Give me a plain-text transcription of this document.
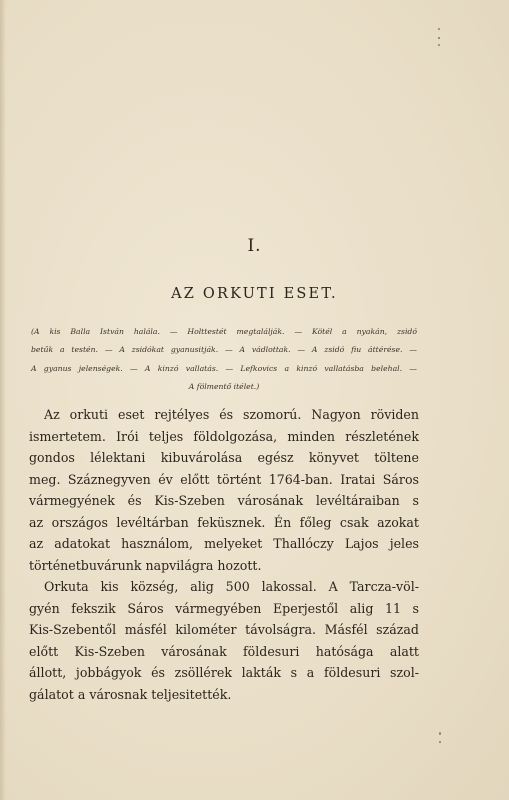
I.
AZ ORKUTI ESET.
(A kis Balla István halála. — Holttestét megtalálják. — Kötél a nyakán, zsidó
betűk a testén. — A zsidókat gyanusitják. — A vádlottak. — A zsidó fiu áttérése. —
A gyanus jelenségek. — A kinzó vallatás. — Lefkovics a kinzó vallatásba belehal. —
A fölmentő itélet.)
Az orkuti eset rejtélyes és szomorú. Nagyon röviden
ismertetem. Irói teljes földolgozása, minden részletének
gondos lélektani kibuvárolása egész könyvet töltene
meg. Száznegyven év előtt történt 1764-ban. Iratai Sáros
vármegyének és Kis-Szeben városának levéltáraiban s
az országos levéltárban feküsznek. Én főleg csak azokat
az adatokat használom, melyeket Thallóczy Lajos jeles
történetbuvárunk napvilágra hozott.
Orkuta kis község, alig 500 lakossal. A Tarcza-völ-
gyén fekszik Sáros vármegyében Eperjestől alig 11 s
Kis-Szebentől másfél kilométer távolságra. Másfél század
előtt Kis-Szeben városának földesuri hatósága alatt
állott, jobbágyok és zsöllérek lakták s a földesuri szol-
gálatot a városnak teljesitették.
